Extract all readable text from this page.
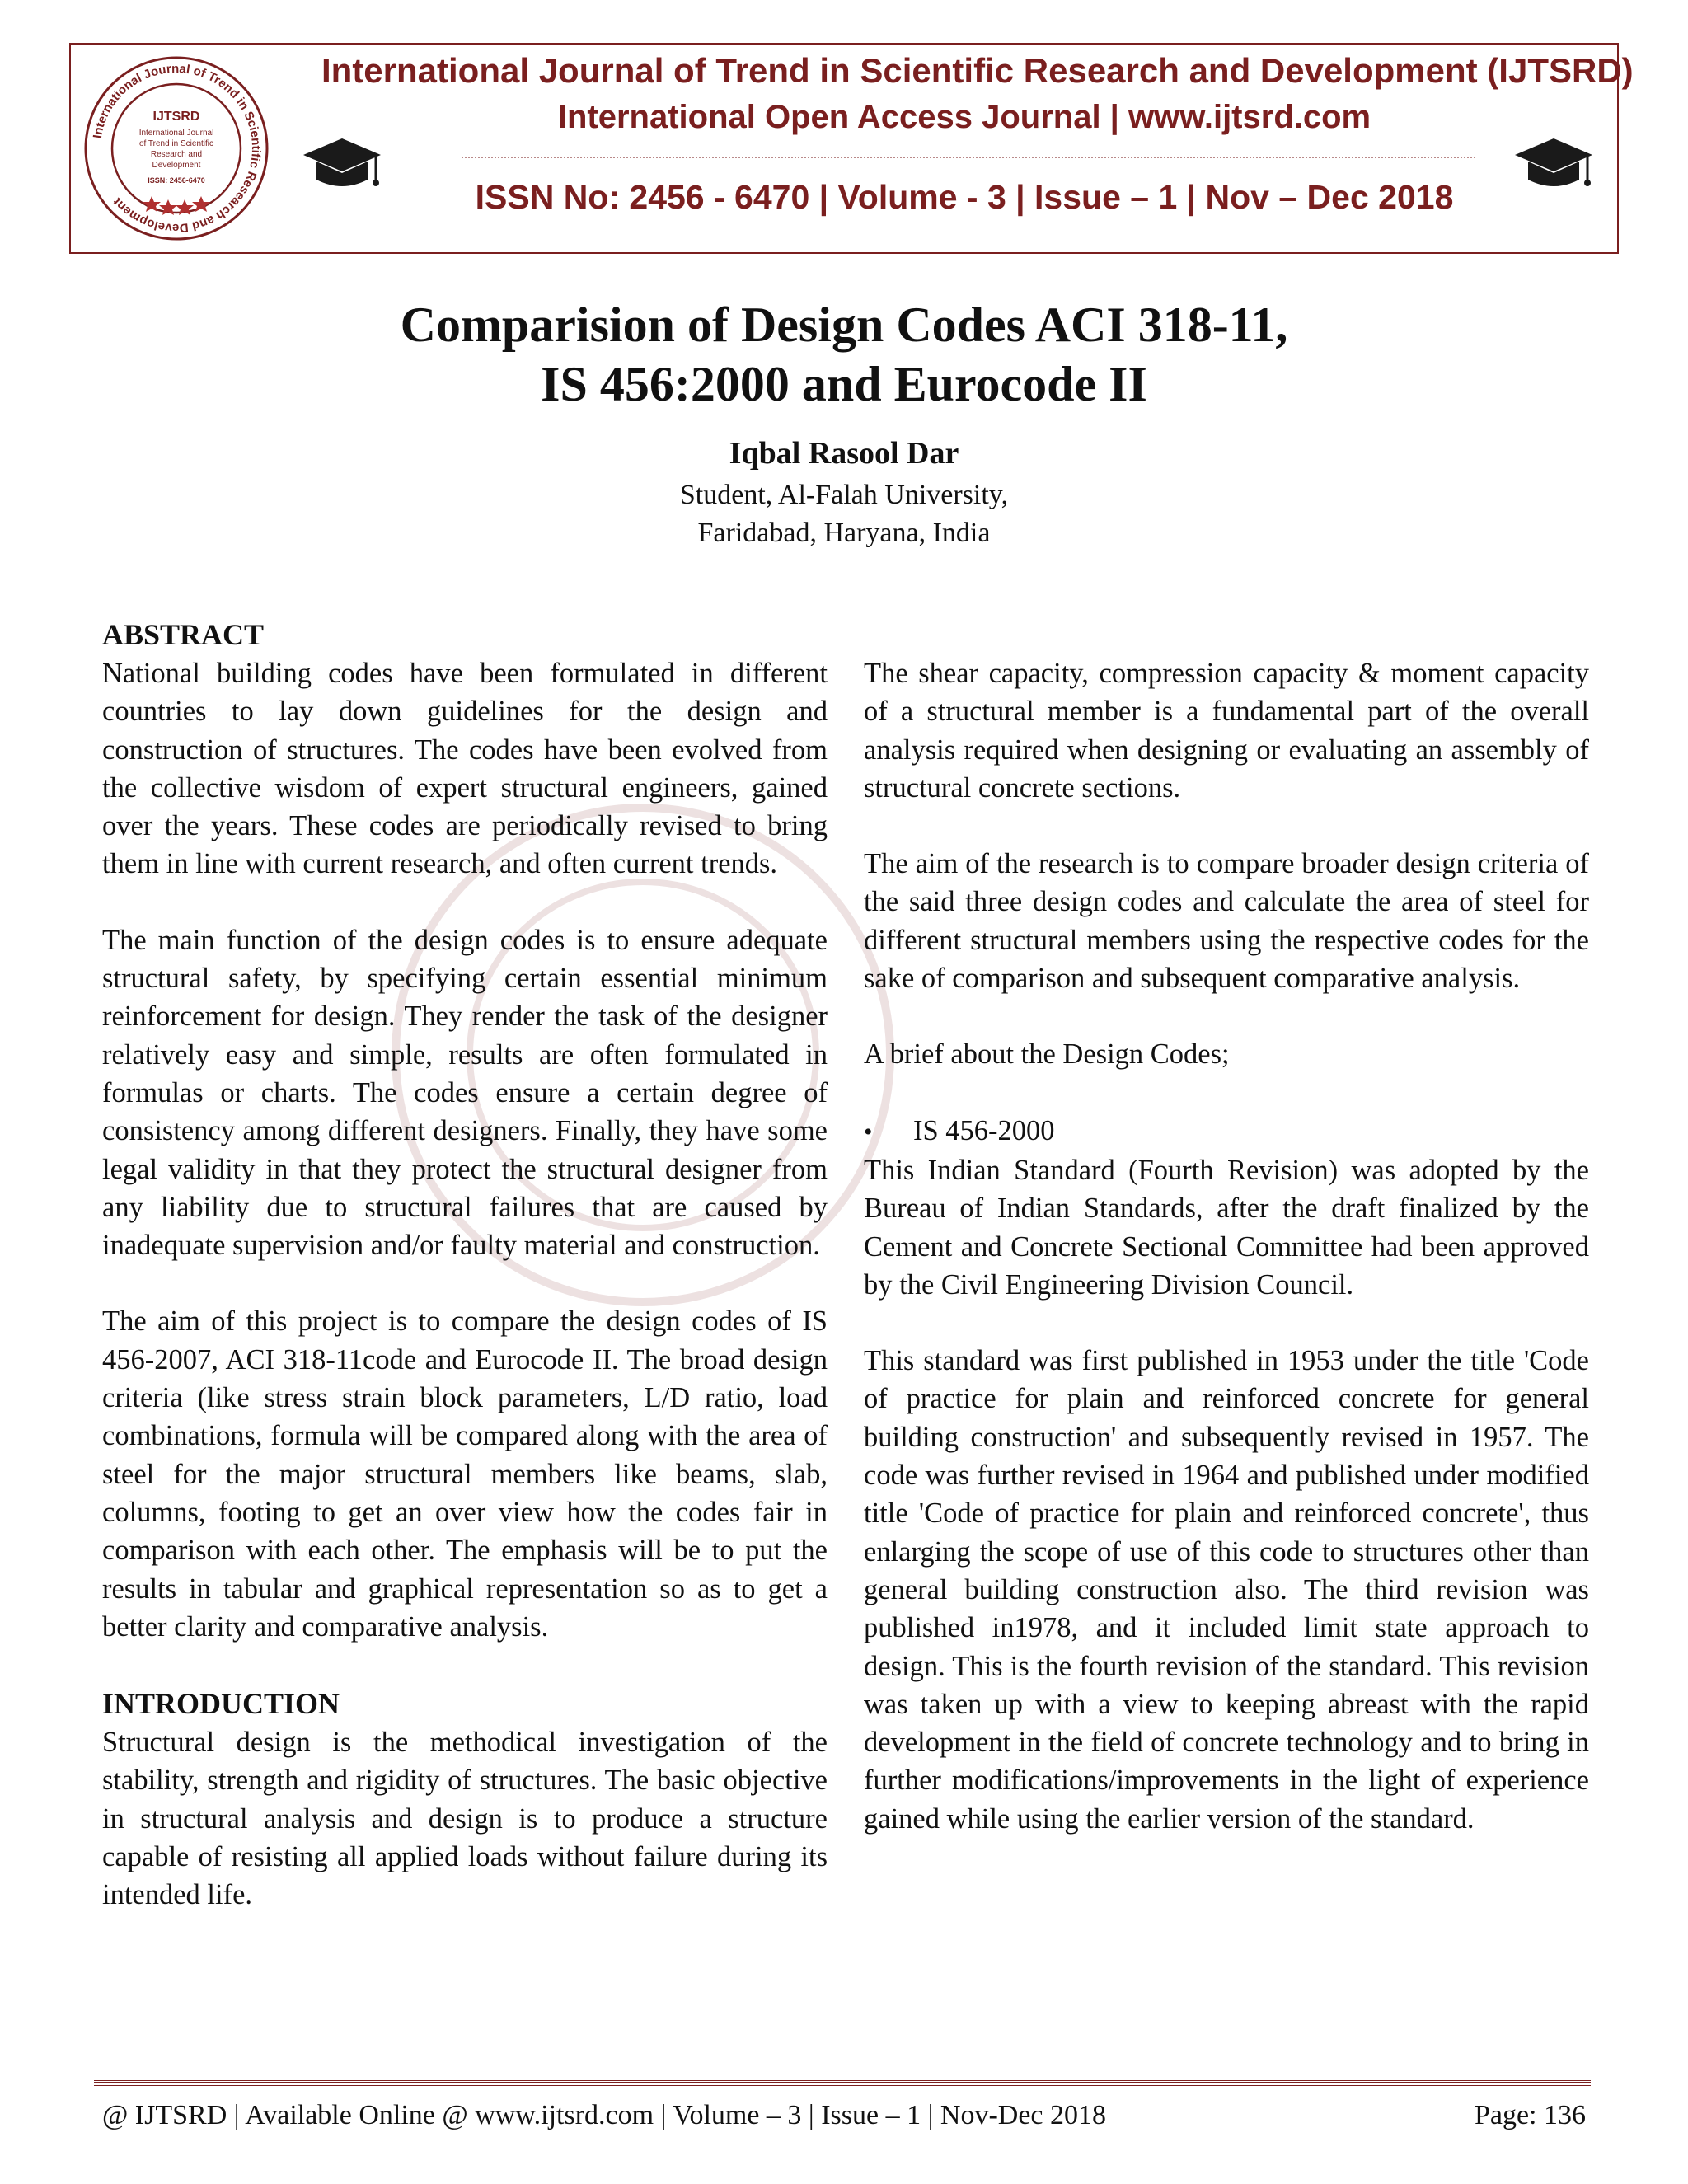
International Journal of Trend in Scientific Research and Development
IJTSRD
International Journal
of Trend in Scientific
Research and
Development
ISSN: 2456-6470
International Journal of Trend in Scientific Research and Development (IJTSRD)
International Open Access Journal | www.ijtsrd.com
ISSN No: 2456 - 6470 | Volume - 3 | Issue – 1 | Nov – Dec 2018
Comparision of Design Codes ACI 318-11,
IS 456:2000 and Eurocode II
Iqbal Rasool Dar
Student, Al-Falah University,
Faridabad, Haryana, India
ABSTRACT

National building codes have been formulated in different countries to lay down guidelines for the design and construction of structures. The codes have been evolved from the collective wisdom of expert structural engineers, gained over the years. These codes are periodically revised to bring them in line with current research, and often current trends.

The main function of the design codes is to ensure adequate structural safety, by specifying certain essential minimum reinforcement for design. They render the task of the designer relatively easy and simple, results are often formulated in formulas or charts. The codes ensure a certain degree of consistency among different designers. Finally, they have some legal validity in that they protect the structural designer from any liability due to structural failures that are caused by inadequate supervision and/or faulty material and construction.

The aim of this project is to compare the design codes of IS 456-2007, ACI 318-11code and Eurocode II. The broad design criteria (like stress strain block parameters, L/D ratio, load combinations, formula will be compared along with the area of steel for the major structural members like beams, slab, columns, footing to get an over view how the codes fair in comparison with each other. The emphasis will be to put the results in tabular and graphical representation so as to get a better clarity and comparative analysis.

INTRODUCTION

Structural design is the methodical investigation of the stability, strength and rigidity of structures. The basic objective in structural analysis and design is to produce a structure capable of resisting all applied loads without failure during its intended life.

The shear capacity, compression capacity & moment capacity of a structural member is a fundamental part of the overall analysis required when designing or evaluating an assembly of structural concrete sections.

The aim of the research is to compare broader design criteria of the said three design codes and calculate the area of steel for different structural members using the respective codes for the sake of comparison and subsequent comparative analysis.

A brief about the Design Codes;

•	IS 456-2000

This Indian Standard (Fourth Revision) was adopted by the Bureau of Indian Standards, after the draft finalized by the Cement and Concrete Sectional Committee had been approved by the Civil Engineering Division Council.

This standard was first published in 1953 under the title 'Code of practice for plain and reinforced concrete for general building construction' and subsequently revised in 1957. The code was further revised in 1964 and published under modified title 'Code of practice for plain and reinforced concrete', thus enlarging the scope of use of this code to structures other than general building construction also. The third revision was published in1978, and it included limit state approach to design. This is the fourth revision of the standard. This revision was taken up with a view to keeping abreast with the rapid development in the field of concrete technology and to bring in further modifications/improvements in the light of experience gained while using the earlier version of the standard.

@ IJTSRD | Available Online @ www.ijtsrd.com | Volume – 3 | Issue – 1 | Nov-Dec 2018	Page: 136
